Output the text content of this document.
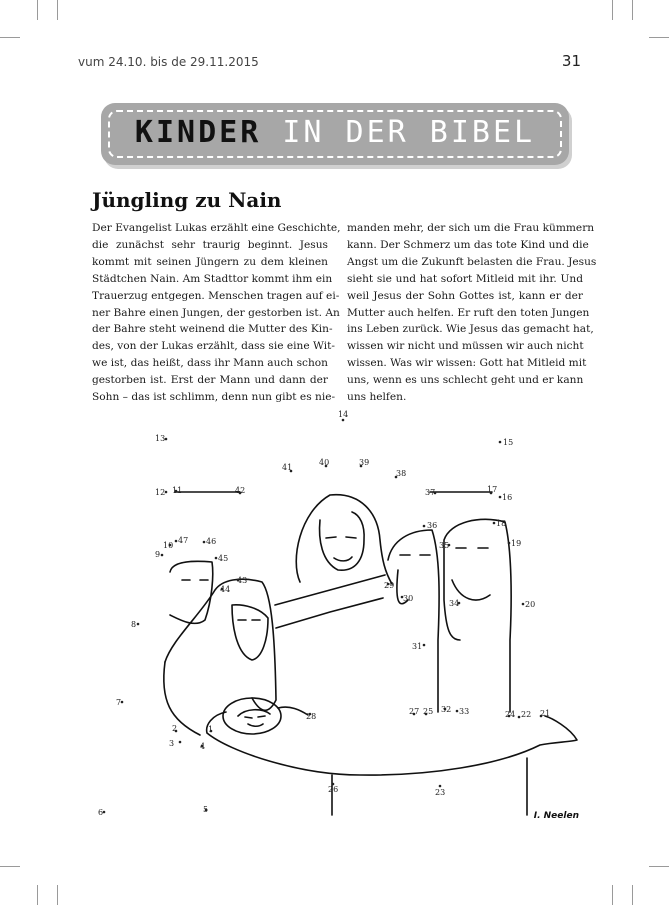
vum 24.10. bis de 29.11.2015	31
KINDER IN DER BIBEL
Jüngling zu Nain
Der Evangelist Lukas erzählt eine Geschichte,
die zunächst sehr traurig beginnt. Jesus
kommt mit seinen Jüngern zu dem kleinen
Städtchen Nain. Am Stadttor kommt ihm ein
Trauerzug entgegen. Menschen tragen auf ei-
ner Bahre einen Jungen, der gestorben ist. An
der Bahre steht weinend die Mutter des Kin-
des, von der Lukas erzählt, dass sie eine Wit-
we ist, das heißt, dass ihr Mann auch schon
gestorben ist. Erst der Mann und dann der
Sohn – das ist schlimm, denn nun gibt es nie-
manden mehr, der sich um die Frau kümmern
kann. Der Schmerz um das tote Kind und die
Angst um die Zukunft belasten die Frau. Jesus
sieht sie und hat sofort Mitleid mit ihr. Und
weil Jesus der Sohn Gottes ist, kann er der
Mutter auch helfen. Er ruft den toten Jungen
ins Leben zurück. Wie Jesus das gemacht hat,
wissen wir nicht und müssen wir auch nicht
wissen. Was wir wissen: Gott hat Mitleid mit
uns, wenn es uns schlecht geht und er kann
uns helfen.
1
2
3	4
5
6
7
8
9
10
11
12
13
14
15
16
17
18
19
20
21
22
23
24
25
26
27
28
29
30
31
32 33
34
35
36
37
38
39
40
41
42
43
44
45
46
47
I. Neelen
